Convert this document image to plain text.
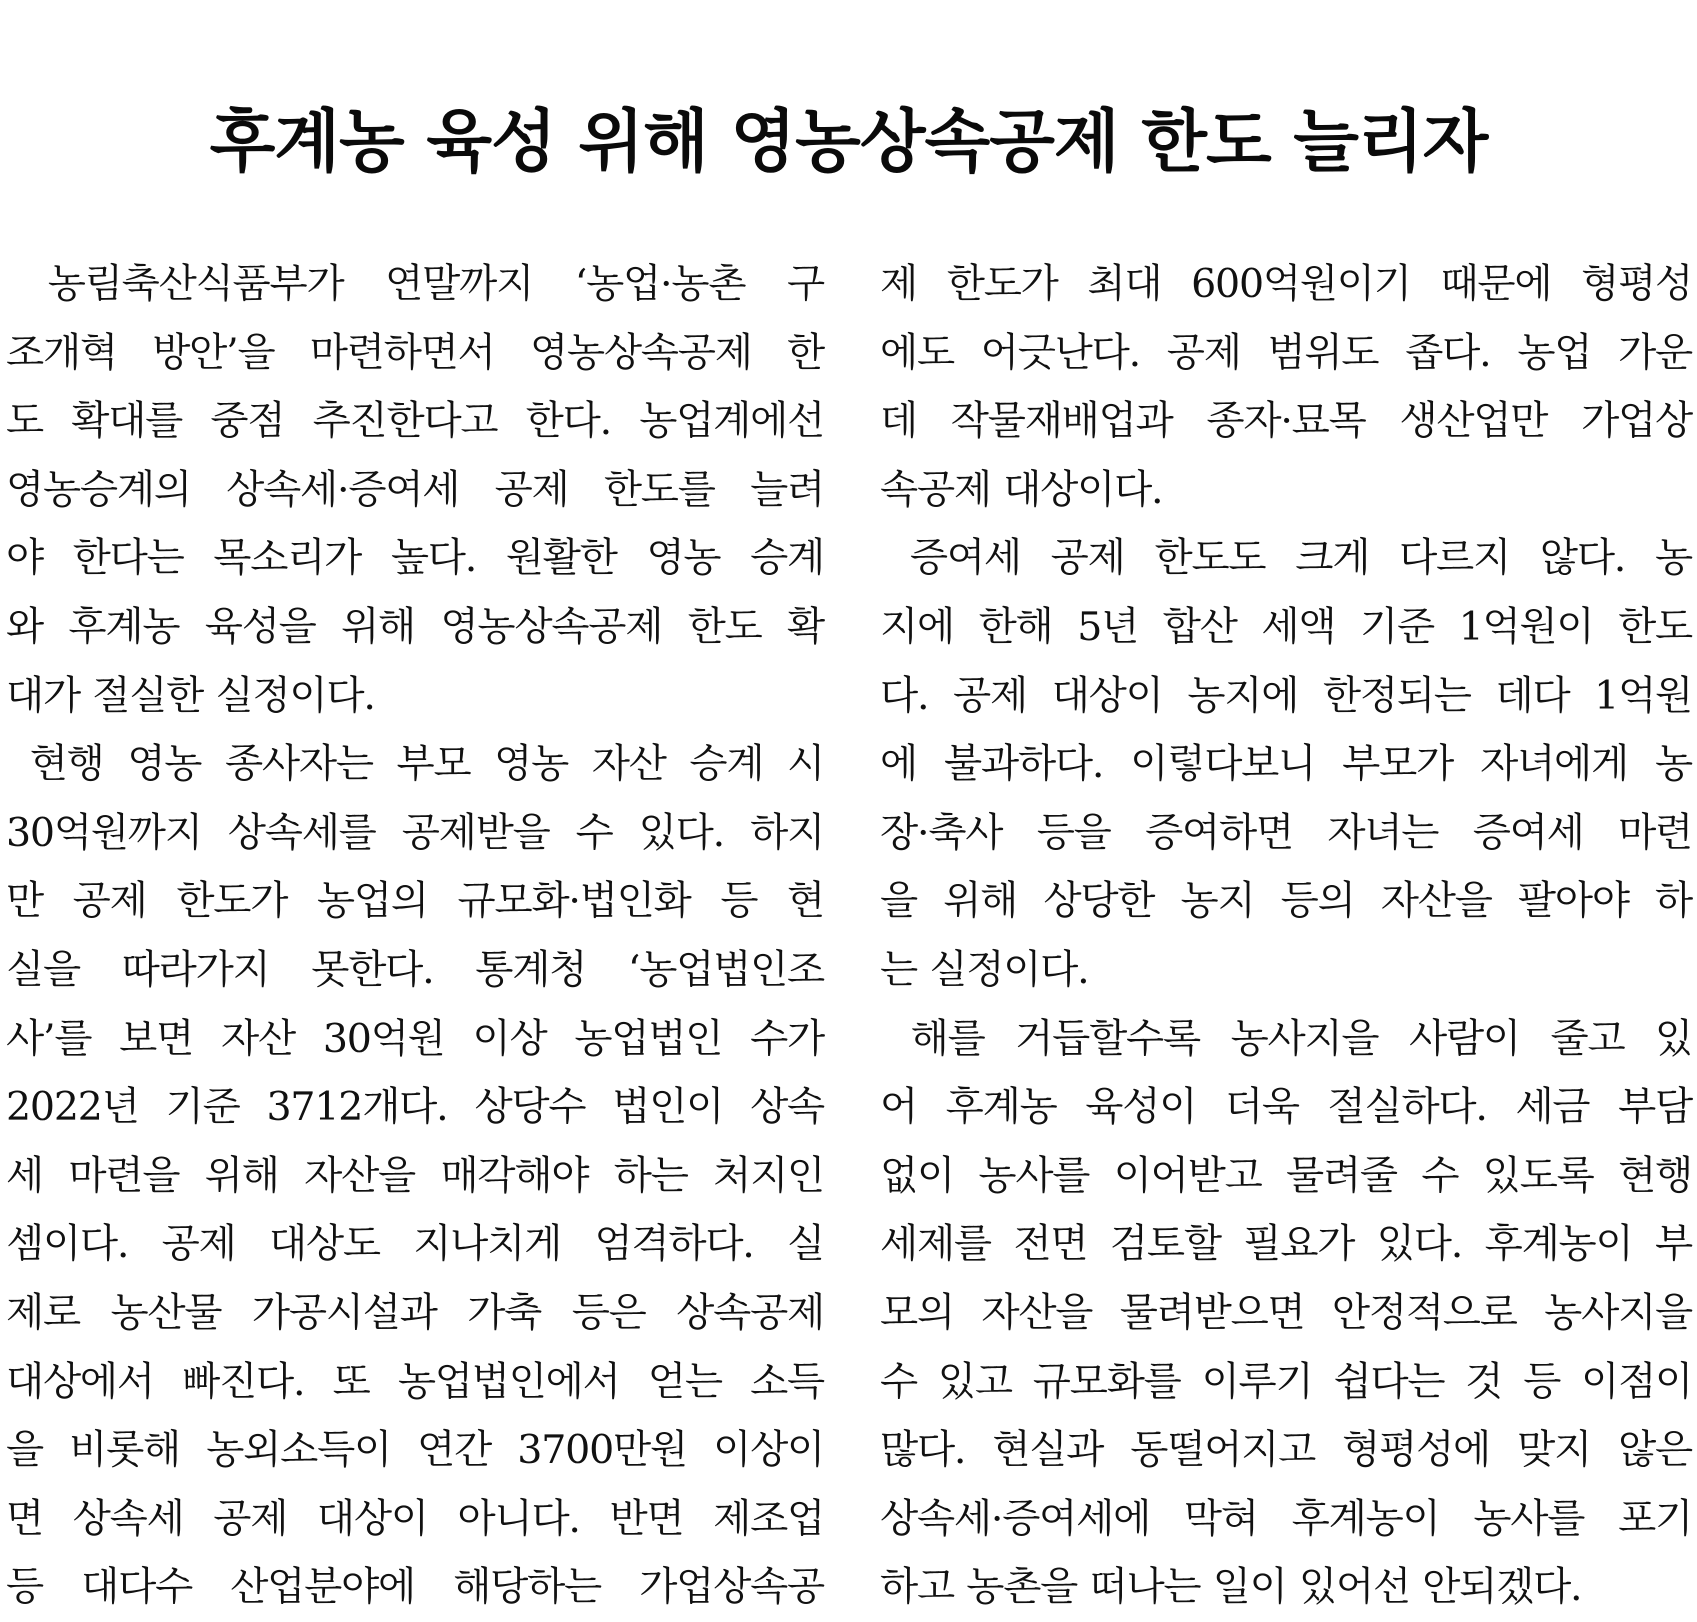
후계농 육성 위해 영농상속공제 한도 늘리자
농림축산식품부가 연말까지 ‘농업·농촌 구
조개혁 방안’을 마련하면서 영농상속공제 한
도 확대를 중점 추진한다고 한다. 농업계에선
영농승계의 상속세·증여세 공제 한도를 늘려
야 한다는 목소리가 높다. 원활한 영농 승계
와 후계농 육성을 위해 영농상속공제 한도 확
대가 절실한 실정이다.
현행 영농 종사자는 부모 영농 자산 승계 시
30억원까지 상속세를 공제받을 수 있다. 하지
만 공제 한도가 농업의 규모화·법인화 등 현
실을 따라가지 못한다. 통계청 ‘농업법인조
사’를 보면 자산 30억원 이상 농업법인 수가
2022년 기준 3712개다. 상당수 법인이 상속
세 마련을 위해 자산을 매각해야 하는 처지인
셈이다. 공제 대상도 지나치게 엄격하다. 실
제로 농산물 가공시설과 가축 등은 상속공제
대상에서 빠진다. 또 농업법인에서 얻는 소득
을 비롯해 농외소득이 연간 3700만원 이상이
면 상속세 공제 대상이 아니다. 반면 제조업
등 대다수 산업분야에 해당하는 가업상속공
제 한도가 최대 600억원이기 때문에 형평성
에도 어긋난다. 공제 범위도 좁다. 농업 가운
데 작물재배업과 종자·묘목 생산업만 가업상
속공제 대상이다.
증여세 공제 한도도 크게 다르지 않다. 농
지에 한해 5년 합산 세액 기준 1억원이 한도
다. 공제 대상이 농지에 한정되는 데다 1억원
에 불과하다. 이렇다보니 부모가 자녀에게 농
장·축사 등을 증여하면 자녀는 증여세 마련
을 위해 상당한 농지 등의 자산을 팔아야 하
는 실정이다.
해를 거듭할수록 농사지을 사람이 줄고 있
어 후계농 육성이 더욱 절실하다. 세금 부담
없이 농사를 이어받고 물려줄 수 있도록 현행
세제를 전면 검토할 필요가 있다. 후계농이 부
모의 자산을 물려받으면 안정적으로 농사지을
수 있고 규모화를 이루기 쉽다는 것 등 이점이
많다. 현실과 동떨어지고 형평성에 맞지 않은
상속세·증여세에 막혀 후계농이 농사를 포기
하고 농촌을 떠나는 일이 있어선 안되겠다.
